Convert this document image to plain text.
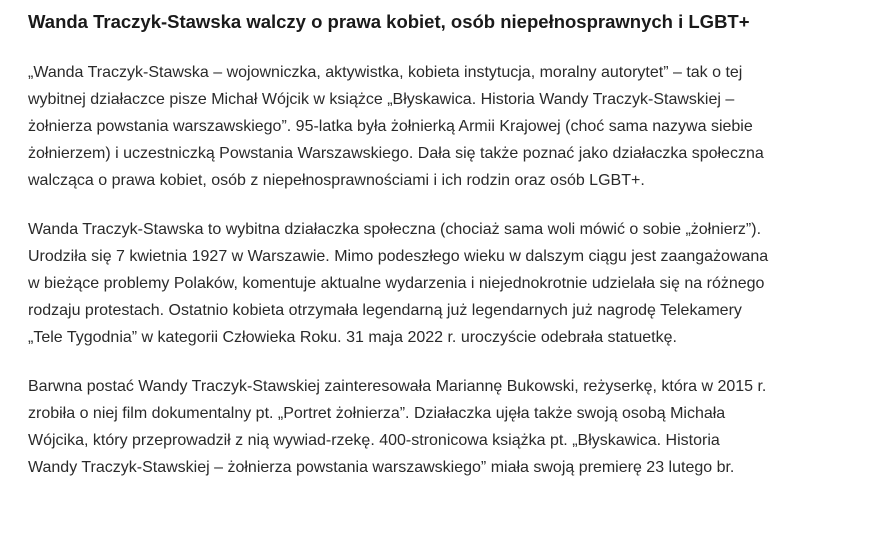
Wanda Traczyk-Stawska walczy o prawa kobiet, osób niepełnosprawnych i LGBT+

„Wanda Traczyk-Stawska – wojowniczka, aktywistka, kobieta instytucja, moralny autorytet” – tak o tej
wybitnej działaczce pisze Michał Wójcik w książce „Błyskawica. Historia Wandy Traczyk-Stawskiej –
żołnierza powstania warszawskiego”. 95-latka była żołnierką Armii Krajowej (choć sama nazywa siebie
żołnierzem) i uczestniczką Powstania Warszawskiego. Dała się także poznać jako działaczka społeczna
walcząca o prawa kobiet, osób z niepełnosprawnościami i ich rodzin oraz osób LGBT+.

Wanda Traczyk-Stawska to wybitna działaczka społeczna (chociaż sama woli mówić o sobie „żołnierz”).
Urodziła się 7 kwietnia 1927 w Warszawie. Mimo podeszłego wieku w dalszym ciągu jest zaangażowana
w bieżące problemy Polaków, komentuje aktualne wydarzenia i niejednokrotnie udzielała się na różnego
rodzaju protestach. Ostatnio kobieta otrzymała legendarną już legendarnych już nagrodę Telekamery
„Tele Tygodnia” w kategorii Człowieka Roku. 31 maja 2022 r. uroczyście odebrała statuetkę.

Barwna postać Wandy Traczyk-Stawskiej zainteresowała Mariannę Bukowski, reżyserkę, która w 2015 r.
zrobiła o niej film dokumentalny pt. „Portret żołnierza”. Działaczka ujęła także swoją osobą Michała
Wójcika, który przeprowadził z nią wywiad-rzekę. 400-stronicowa książka pt. „Błyskawica. Historia
Wandy Traczyk-Stawskiej – żołnierza powstania warszawskiego” miała swoją premierę 23 lutego br.
